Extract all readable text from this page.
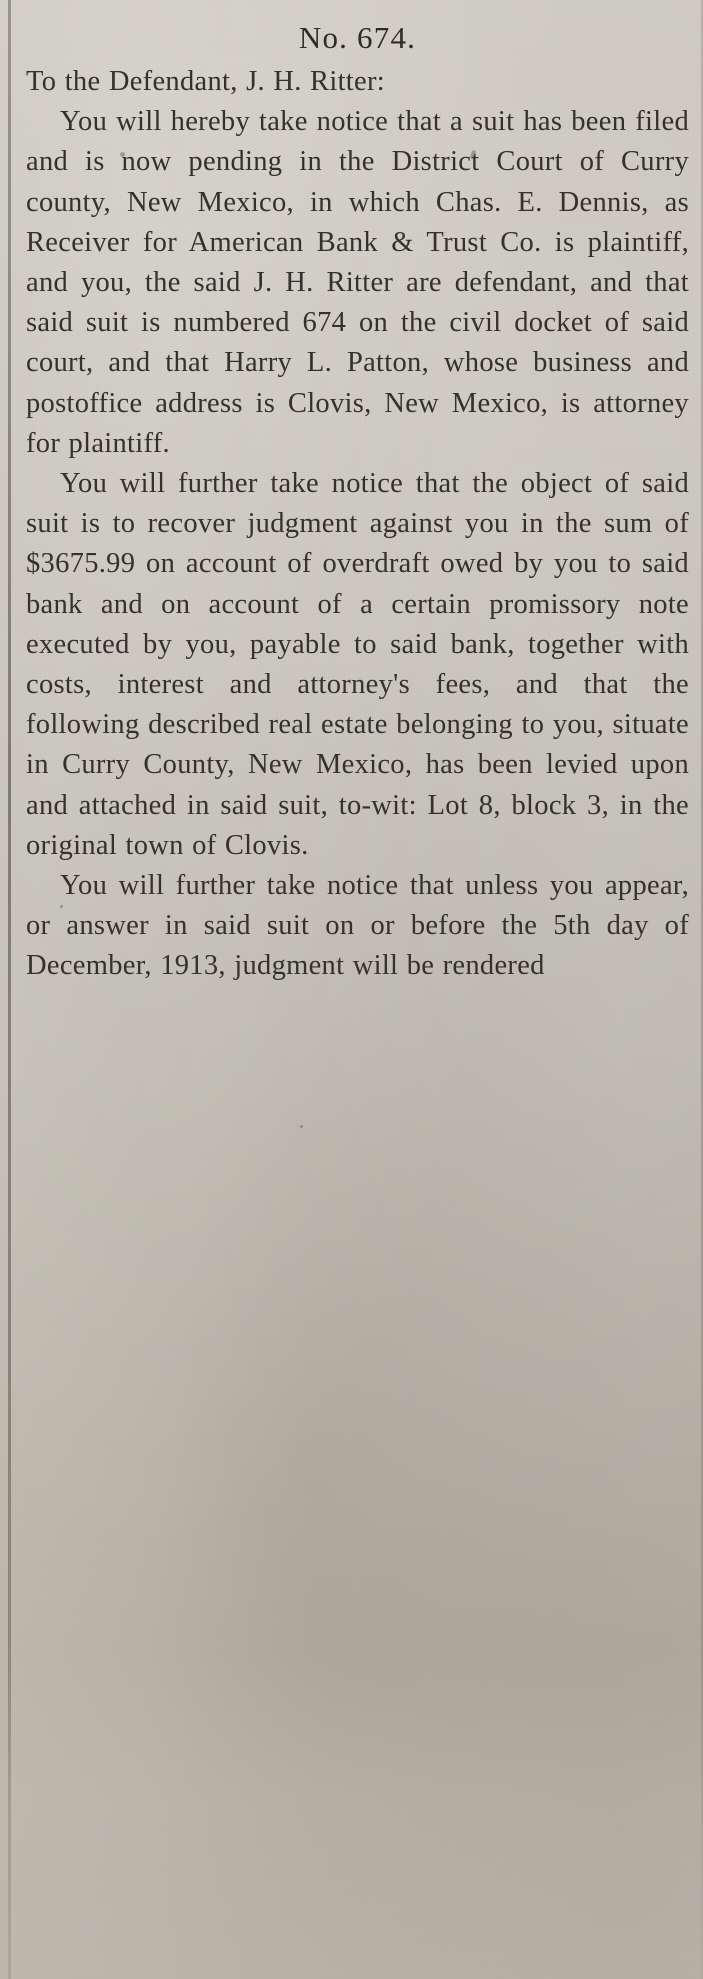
No. 674.

To the Defendant, J. H. Ritter:

You will hereby take notice that a suit has been filed and is now pending in the District Court of Curry county, New Mexico, in which Chas. E. Dennis, as Receiver for American Bank & Trust Co. is plaintiff, and you, the said J. H. Ritter are defendant, and that said suit is numbered 674 on the civil docket of said court, and that Harry L. Patton, whose business and postoffice address is Clovis, New Mexico, is attorney for plaintiff.

You will further take notice that the object of said suit is to recover judgment against you in the sum of $3675.99 on account of overdraft owed by you to said bank and on account of a certain promissory note executed by you, payable to said bank, together with costs, interest and attorney's fees, and that the following described real estate belonging to you, situate in Curry County, New Mexico, has been levied upon and attached in said suit, to-wit: Lot 8, block 3, in the original town of Clovis.

You will further take notice that unless you appear, or answer in said suit on or before the 5th day of December, 1913, judgment will be rendered
